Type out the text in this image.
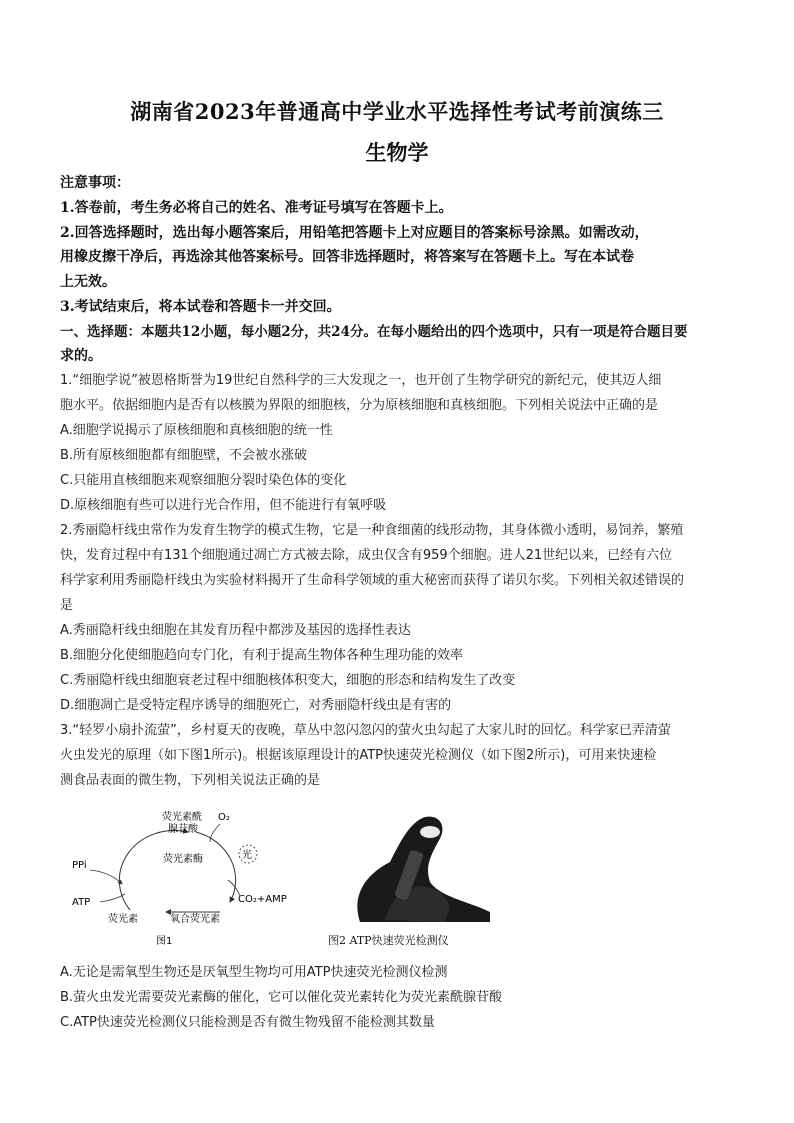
湖南省2023年普通高中学业水平选择性考试考前演练三
生物学
注意事项：
1.答卷前，考生务必将自己的姓名、准考证号填写在答题卡上。
2.回答选择题时，选出每小题答案后，用铅笔把答题卡上对应题目的答案标号涂黑。如需改动，
用橡皮擦干净后，再选涂其他答案标号。回答非选择题时，将答案写在答题卡上。写在本试卷
上无效。
3.考试结束后，将本试卷和答题卡一并交回。
一、选择题：本题共12小题，每小题2分，共24分。在每小题给出的四个选项中，只有一项是符合题目要
求的。
1.“细胞学说”被恩格斯誉为19世纪自然科学的三大发现之一，也开创了生物学研究的新纪元，使其迈人细
胞水平。依据细胞内是否有以核膜为界限的细胞核，分为原核细胞和真核细胞。下列相关说法中正确的是
A.细胞学说揭示了原核细胞和真核细胞的统一性
B.所有原核细胞都有细胞壁，不会被水涨破
C.只能用直核细胞来观察细胞分裂时染色体的变化
D.原核细胞有些可以进行光合作用，但不能进行有氧呼吸
2.秀丽隐杆线虫常作为发育生物学的模式生物，它是一种食细菌的线形动物，其身体微小透明，易饲养，繁殖
快，发育过程中有131个细胞通过凋亡方式被去除，成虫仅含有959个细胞。进人21世纪以来，已经有六位
科学家利用秀丽隐杆线虫为实验材料揭开了生命科学领域的重大秘密而获得了诺贝尔奖。下列相关叙述错误的
是
A.秀丽隐杆线虫细胞在其发育历程中都涉及基因的选择性表达
B.细胞分化使细胞趋向专门化，有利于提高生物体各种生理功能的效率
C.秀丽隐杆线虫细胞衰老过程中细胞核体积变大，细胞的形态和结构发生了改变
D.细胞凋亡是受特定程序诱导的细胞死亡，对秀丽隐杆线虫是有害的
3.“轻罗小扇扑流萤”，乡村夏天的夜晚，草丛中忽闪忽闪的萤火虫勾起了大家儿时的回忆。科学家已弄清萤
火虫发光的原理（如下图1所示)。根据该原理设计的ATP快速荧光检测仪（如下图2所示)，可用来快速检
测食品表面的微生物，下列相关说法正确的是
荧光素酰
腺苷酸
O₂
荧光素酶	光
PPi
ATP	CO₂+AMP
荧光素	氧合荧光素
图1	图2 ATP快速荧光检测仪
A.无论是需氧型生物还是厌氧型生物均可用ATP快速荧光检测仪检测
B.萤火虫发光需要荧光素酶的催化，它可以催化荧光素转化为荧光素酰腺苷酸
C.ATP快速荧光检测仪只能检测是否有微生物残留不能检测其数量
